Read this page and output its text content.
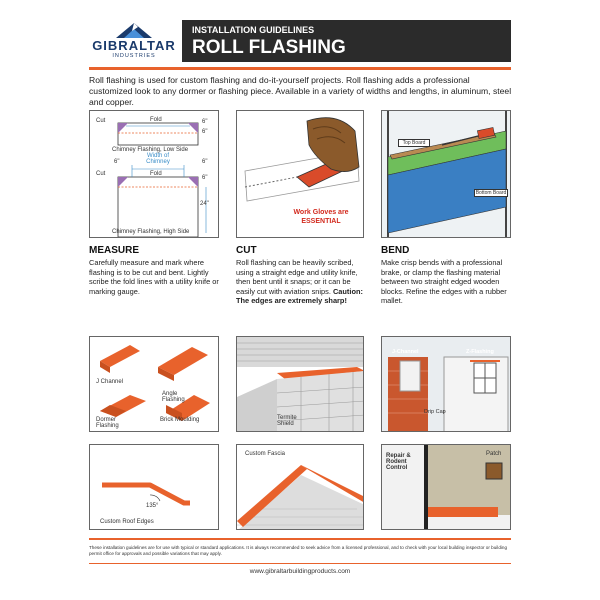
GIBRALTAR
INDUSTRIES
INSTALLATION GUIDELINES
ROLL FLASHING
Roll flashing is used for custom flashing and do-it-yourself projects. Roll flashing adds a professional customized look to any dormer or flashing piece. Available in a variety of widths and lengths, in aluminum, steel and copper.
Cut	Fold	6"
6"
Chimney Flashing, Low Side
Width of Chimney
6"	6"
Cut	Fold
6"
24"
Chimney Flashing, High Side
Work Gloves are
ESSENTIAL
Top Board
Bottom Board
MEASURE
Carefully measure and mark where flashing is to be cut and bent. Lightly scribe the fold lines with a utility knife or marking gauge.
CUT
Roll flashing can be heavily scribed, using a straight edge and utility knife, then bent until it snaps; or it can be easily cut with aviation snips. Caution: The edges are extremely sharp!
BEND
Make crisp bends with a professional brake, or clamp the flashing material between two straight edged wooden blocks. Refine the edges with a rubber mallet.
J Channel
Angle Flashing
Dormer Flashing
Brick Moulding	Termite Shield
J-Channel	Z-Flashing
Drip Cap
135°
Custom Roof Edges
Custom Fascia	Repair & Rodent Control
Patch
These installation guidelines are for use with typical or standard applications. It is always recommended to seek advice from a licensed professional, and to check with your local building inspector or building permit office for approvals and possible variations that may apply.
www.gibraltarbuildingproducts.com
